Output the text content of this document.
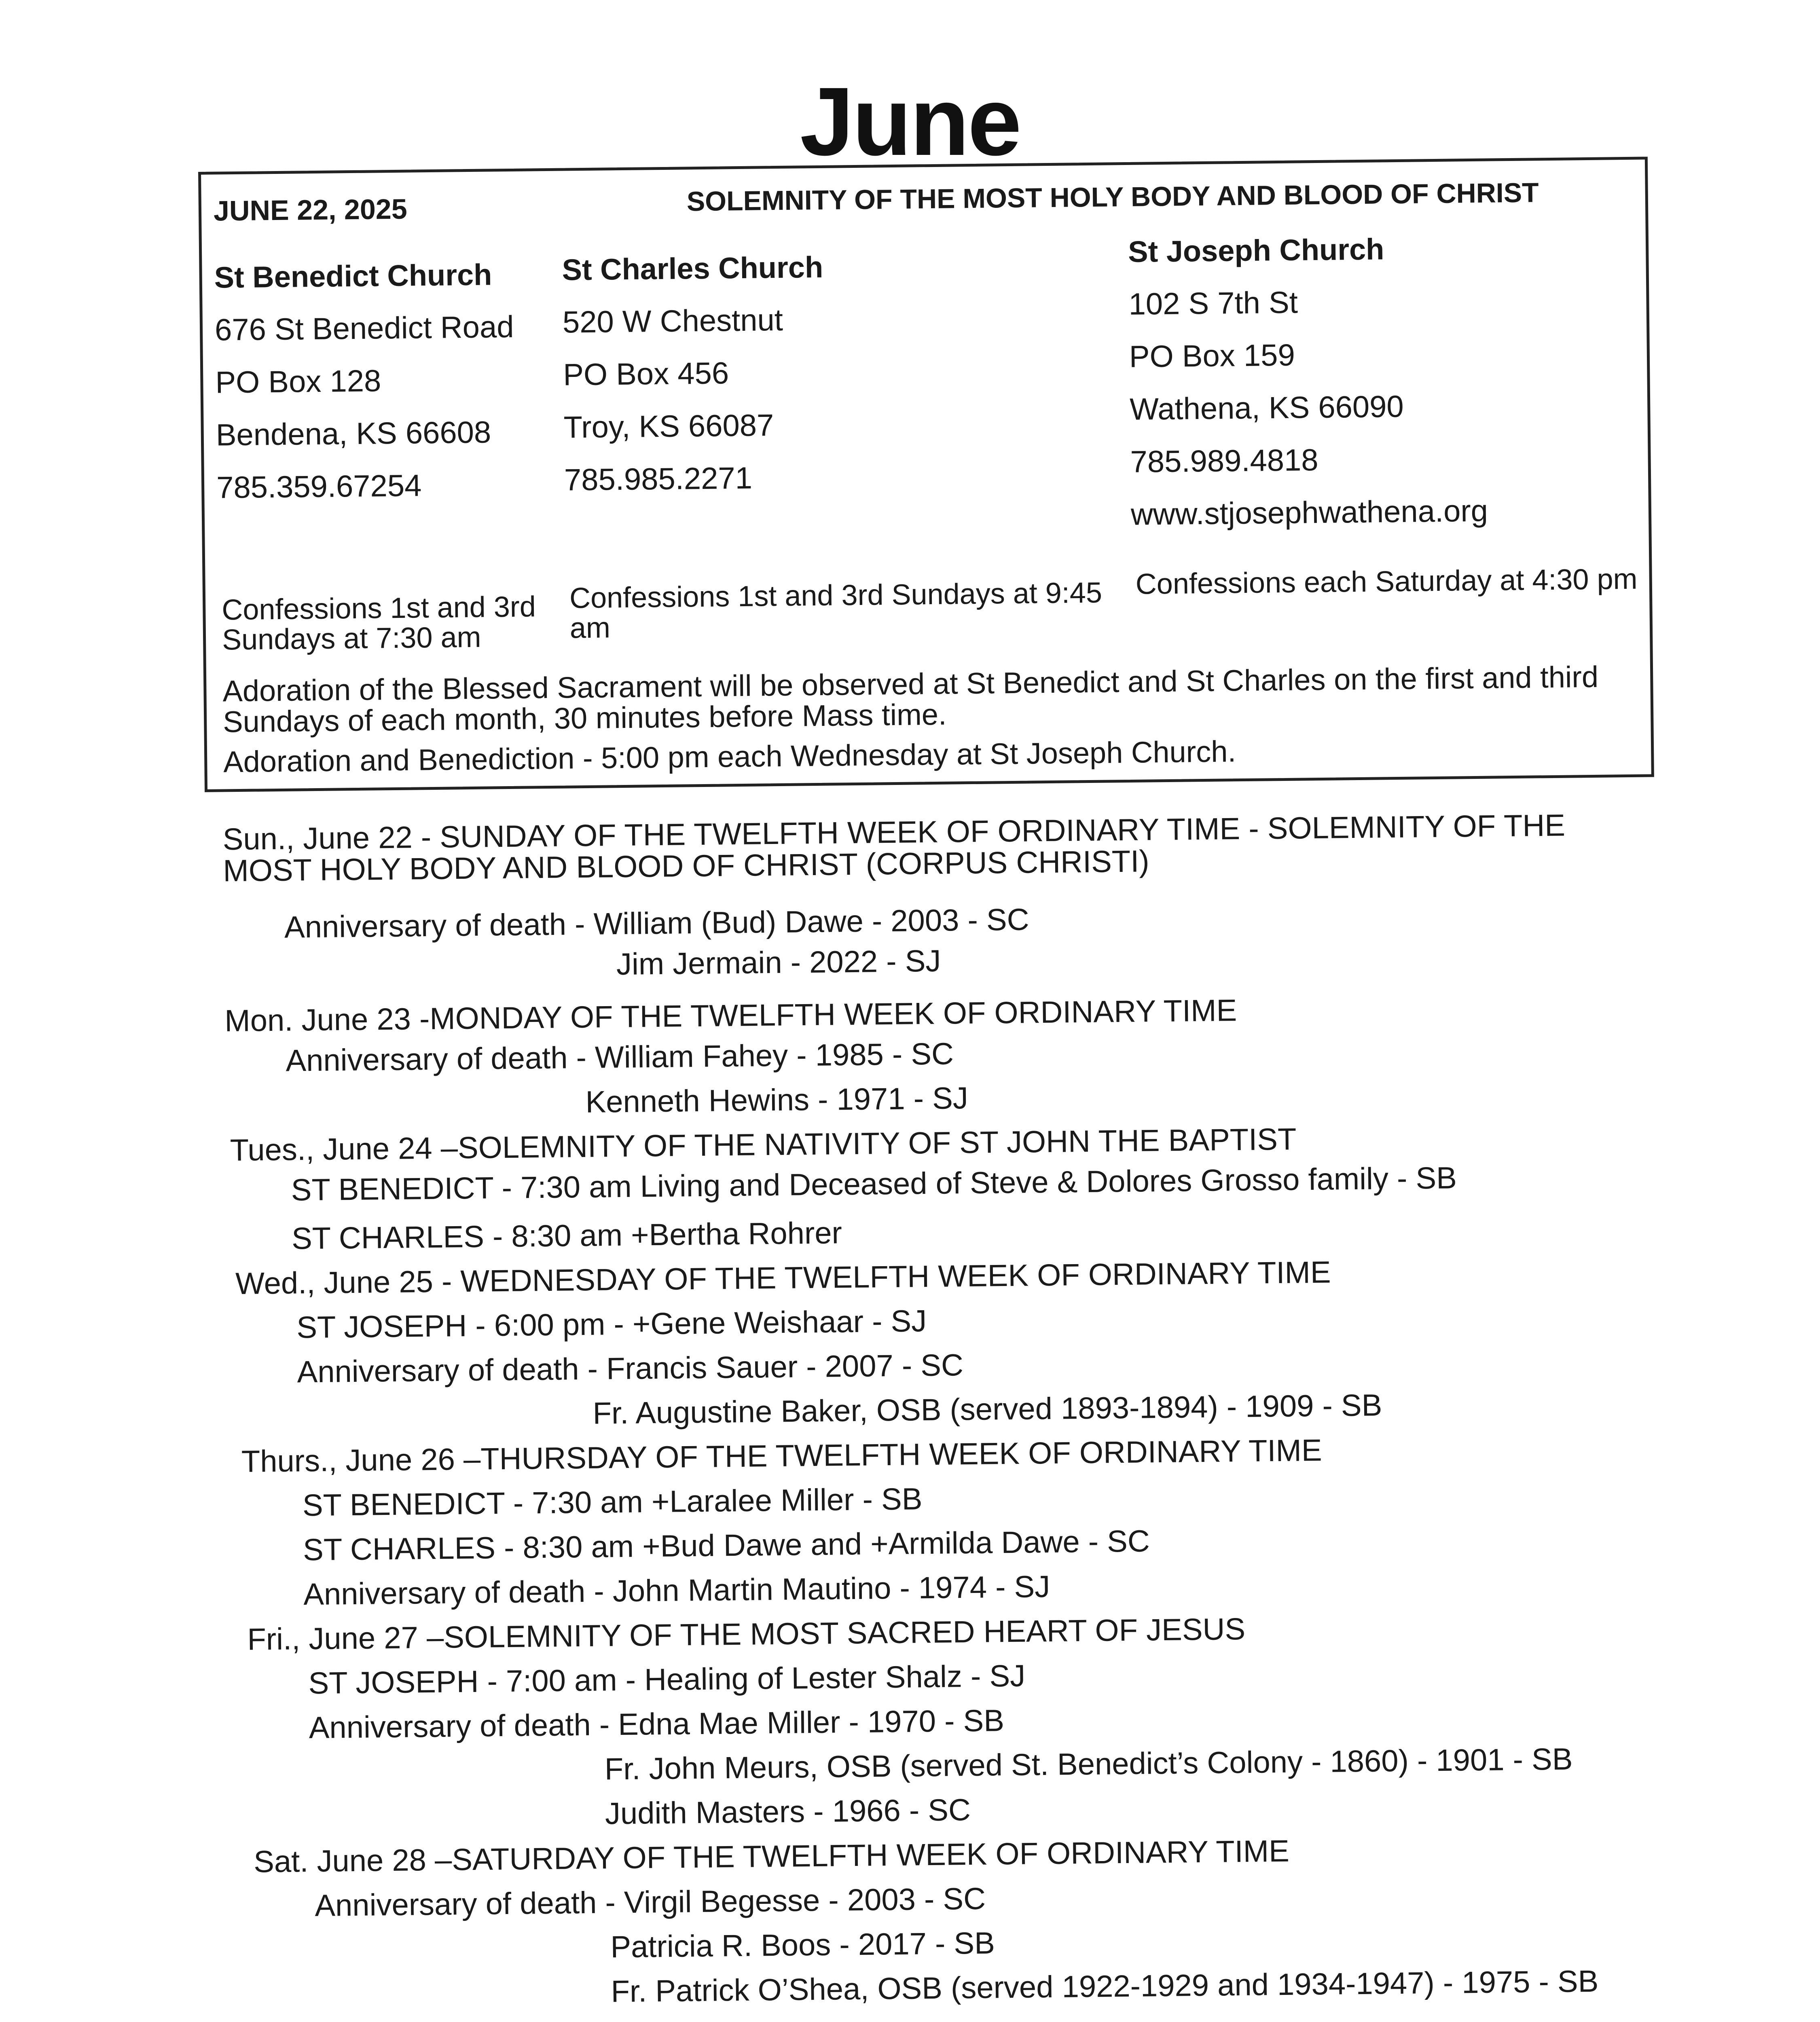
June
JUNE 22, 2025	SOLEMNITY OF THE MOST HOLY BODY AND BLOOD OF CHRIST
St Benedict Church
676 St Benedict Road
PO Box 128
Bendena, KS 66608
785.359.67254
St Charles Church
520 W Chestnut
PO Box 456
Troy, KS 66087
785.985.2271
St Joseph Church
102 S 7th St
PO Box 159
Wathena, KS 66090
785.989.4818
www.stjosephwathena.org
Confessions 1st and 3rd Sundays at 7:30 am
Confessions 1st and 3rd Sundays at 9:45 am
Confessions each Saturday at 4:30 pm
Adoration of the Blessed Sacrament will be observed at St Benedict and St Charles on the first and third Sundays of each month, 30 minutes before Mass time.
Adoration and Benediction - 5:00 pm each Wednesday at St Joseph Church.
Sun., June 22 - SUNDAY OF THE TWELFTH WEEK OF ORDINARY TIME - SOLEMNITY OF THE MOST HOLY BODY AND BLOOD OF CHRIST (CORPUS CHRISTI)
Anniversary of death - William (Bud) Dawe - 2003 - SC
Jim Jermain - 2022 - SJ
Mon. June 23 -MONDAY OF THE TWELFTH WEEK OF ORDINARY TIME
Anniversary of death - William Fahey - 1985 - SC
Kenneth Hewins - 1971 - SJ
Tues., June 24 –SOLEMNITY OF THE NATIVITY OF ST JOHN THE BAPTIST
ST BENEDICT - 7:30 am Living and Deceased of Steve & Dolores Grosso family - SB
ST CHARLES - 8:30 am +Bertha Rohrer
Wed., June 25 - WEDNESDAY OF THE TWELFTH WEEK OF ORDINARY TIME
ST JOSEPH - 6:00 pm - +Gene Weishaar - SJ
Anniversary of death - Francis Sauer - 2007 - SC
Fr. Augustine Baker, OSB (served 1893-1894) - 1909 - SB
Thurs., June 26 –THURSDAY OF THE TWELFTH WEEK OF ORDINARY TIME
ST BENEDICT - 7:30 am +Laralee Miller - SB
ST CHARLES - 8:30 am +Bud Dawe and +Armilda Dawe - SC
Anniversary of death - John Martin Mautino - 1974 - SJ
Fri., June 27 –SOLEMNITY OF THE MOST SACRED HEART OF JESUS
ST JOSEPH - 7:00 am - Healing of Lester Shalz - SJ
Anniversary of death - Edna Mae Miller - 1970 - SB
Fr. John Meurs, OSB (served St. Benedict’s Colony - 1860) - 1901 - SB
Judith Masters - 1966 - SC
Sat. June 28 –SATURDAY OF THE TWELFTH WEEK OF ORDINARY TIME
Anniversary of death - Virgil Begesse - 2003 - SC
Patricia R. Boos - 2017 - SB
Fr. Patrick O’Shea, OSB (served 1922-1929 and 1934-1947) - 1975 - SB
